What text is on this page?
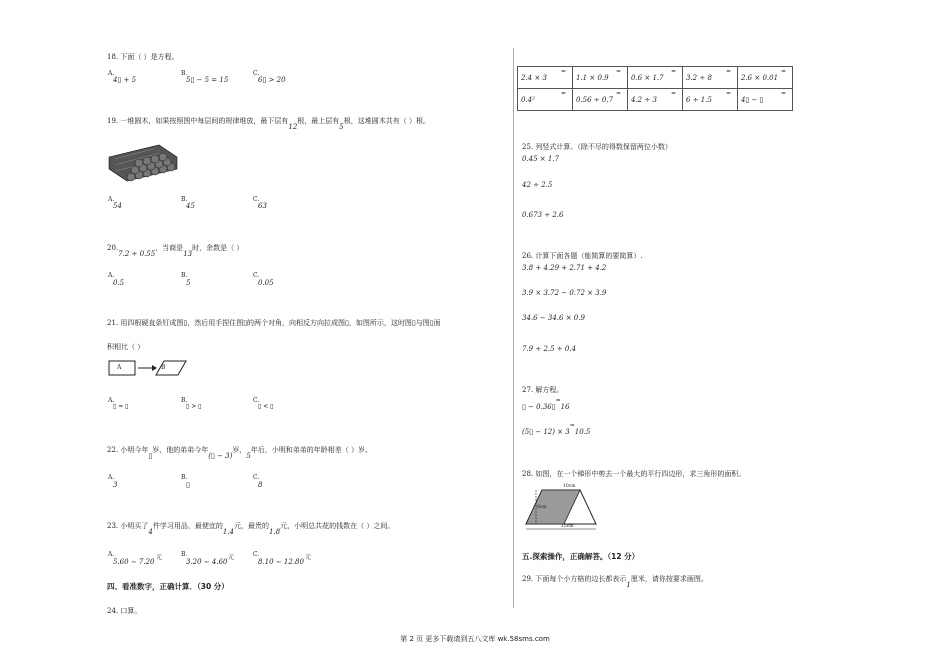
18. 下面（ ）是方程。
A.
4▯ + 5
B.
5▯ − 5 = 15
C.
6▯ > 20
19. 一堆圆木，如果按照图中每层间的规律堆放，最下层有12根，最上层有5根，这堆圆木共有（ ）根。
A.
54
B.
45
C.
63
20.7.2 ÷ 0.55，当商是13时，余数是（ ）
A.
0.5
B.
5
C.
0.05
21. 用四根硬直条钉成图▯，然后用手捏住图▯的两个对角，向相反方向拉成图▯，如图所示，这时图▯与图▯面
积相比（ ）
A	B
A.
▯ = ▯
B.
▯ > ▯
C.
▯ < ▯
22. 小明今年▯岁，他的弟弟今年(▯ − 3)岁，5年后，小明和弟弟的年龄相差（ ）岁。
A.
3
B.
▯
C.
8
23. 小明买了4件学习用品，最便宜的1.4元，最贵的1.8元，小明总共花的钱数在（ ）之间。
A.
5.60 ∼ 7.20
元	B.
3.20 ∼ 4.60
元	C.
8.10 ∼ 12.80
元
四、看准数字，正确计算．（30 分）
24. 口算。
2.4 × 3
=	1.1 × 0.9
=	0.6 × 1.7
=	3.2 ÷ 8
=	2.6 × 0.01
=

0.4²
=	0.56 ÷ 0.7
=	4.2 ÷ 3
=	6 ÷ 1.5
=	4▯ − ▯
=
25. 列竖式计算。（除不尽的得数保留两位小数）
0.45 × 1.7
42 ÷ 2.5
0.673 ÷ 2.6
26. 计算下面各题（能简算的要简算）.
3.8 + 4.29 + 2.71 + 4.2
3.9 × 3.72 − 0.72 × 3.9
34.6 − 34.6 × 0.9
7.9 ÷ 2.5 ÷ 0.4
27. 解方程。
▯ − 0.36▯=16
(5▯ − 12) × 3=10.5
28. 如图，在一个梯形中剪去一个最大的平行四边形，求三角形的面积。
10cm
6cm
15cm
五.探索操作，正确解答。（12 分）
29. 下面每个小方格的边长都表示1厘米，请你按要求画图。
第 2 页 更多下载请到五八文库 wk.58sms.com
